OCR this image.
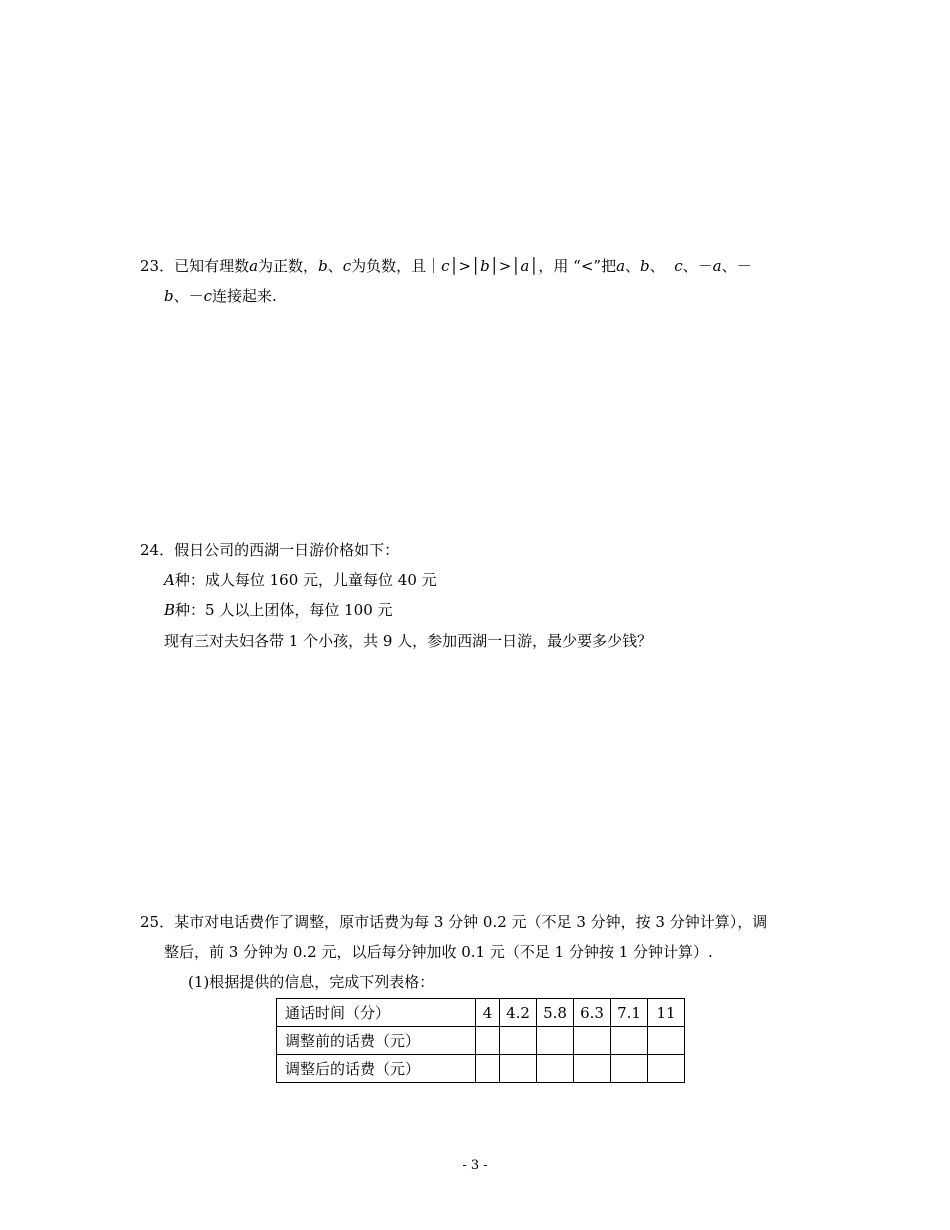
23．已知有理数a为正数，b、c为负数，且｜c│>│b│>│a│，用 “<”把a、b、  c、－a、－
b、－c连接起来.
24．假日公司的西湖一日游价格如下：
A种：成人每位 160 元，儿童每位 40 元
B种：5 人以上团体，每位 100 元
现有三对夫妇各带 1 个小孩，共 9 人，参加西湖一日游，最少要多少钱？
25．某市对电话费作了调整，原市话费为每 3 分钟 0.2 元（不足 3 分钟，按 3 分钟计算），调
整后，前 3 分钟为 0.2 元，以后每分钟加收 0.1 元（不足 1 分钟按 1 分钟计算）.
(1)根据提供的信息，完成下列表格：
通话时间（分）	4	4.2	5.8	6.3	7.1	11
调整前的话费（元）						
调整后的话费（元）						
- 3 -
